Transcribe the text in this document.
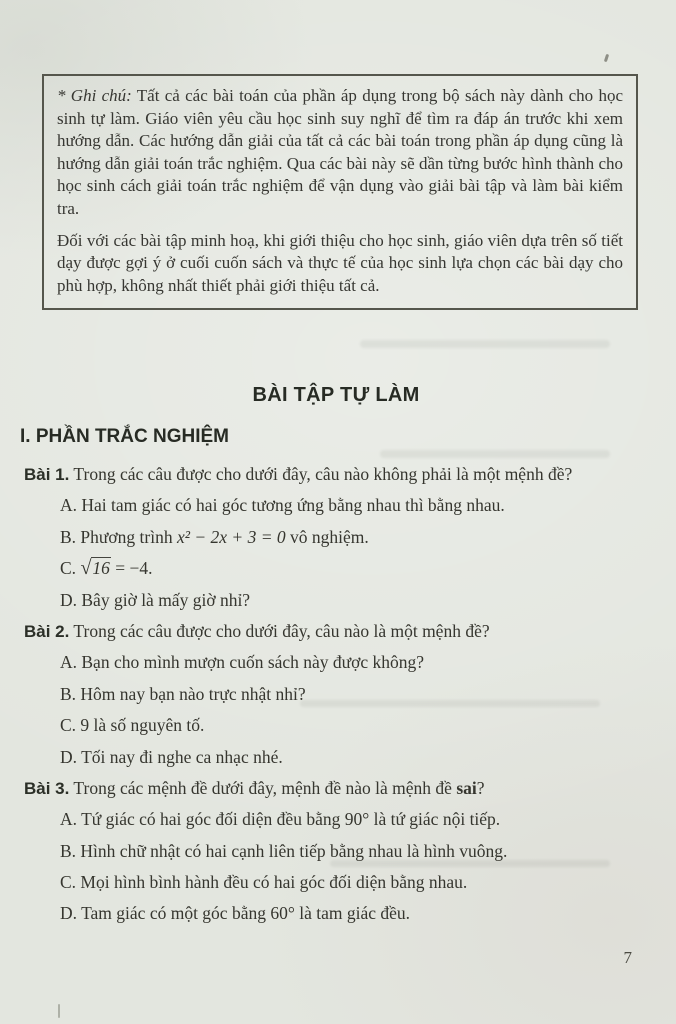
* Ghi chú: Tất cả các bài toán của phần áp dụng trong bộ sách này dành cho học sinh tự làm. Giáo viên yêu cầu học sinh suy nghĩ để tìm ra đáp án trước khi xem hướng dẫn. Các hướng dẫn giải của tất cả các bài toán trong phần áp dụng cũng là hướng dẫn giải toán trắc nghiệm. Qua các bài này sẽ dần từng bước hình thành cho học sinh cách giải toán trắc nghiệm để vận dụng vào giải bài tập và làm bài kiểm tra.

Đối với các bài tập minh hoạ, khi giới thiệu cho học sinh, giáo viên dựa trên số tiết dạy được gợi ý ở cuối cuốn sách và thực tế của học sinh lựa chọn các bài dạy cho phù hợp, không nhất thiết phải giới thiệu tất cả.

BÀI TẬP TỰ LÀM
I. PHẦN TRẮC NGHIỆM
Bài 1. Trong các câu được cho dưới đây, câu nào không phải là một mệnh đề?
A. Hai tam giác có hai góc tương ứng bằng nhau thì bằng nhau.
B. Phương trình x² − 2x + 3 = 0 vô nghiệm.
C. √16 = −4.
D. Bây giờ là mấy giờ nhỉ?
Bài 2. Trong các câu được cho dưới đây, câu nào là một mệnh đề?
A. Bạn cho mình mượn cuốn sách này được không?
B. Hôm nay bạn nào trực nhật nhỉ?
C. 9 là số nguyên tố.
D. Tối nay đi nghe ca nhạc nhé.
Bài 3. Trong các mệnh đề dưới đây, mệnh đề nào là mệnh đề sai?
A. Tứ giác có hai góc đối diện đều bằng 90° là tứ giác nội tiếp.
B. Hình chữ nhật có hai cạnh liên tiếp bằng nhau là hình vuông.
C. Mọi hình bình hành đều có hai góc đối diện bằng nhau.
D. Tam giác có một góc bằng 60° là tam giác đều.
7
